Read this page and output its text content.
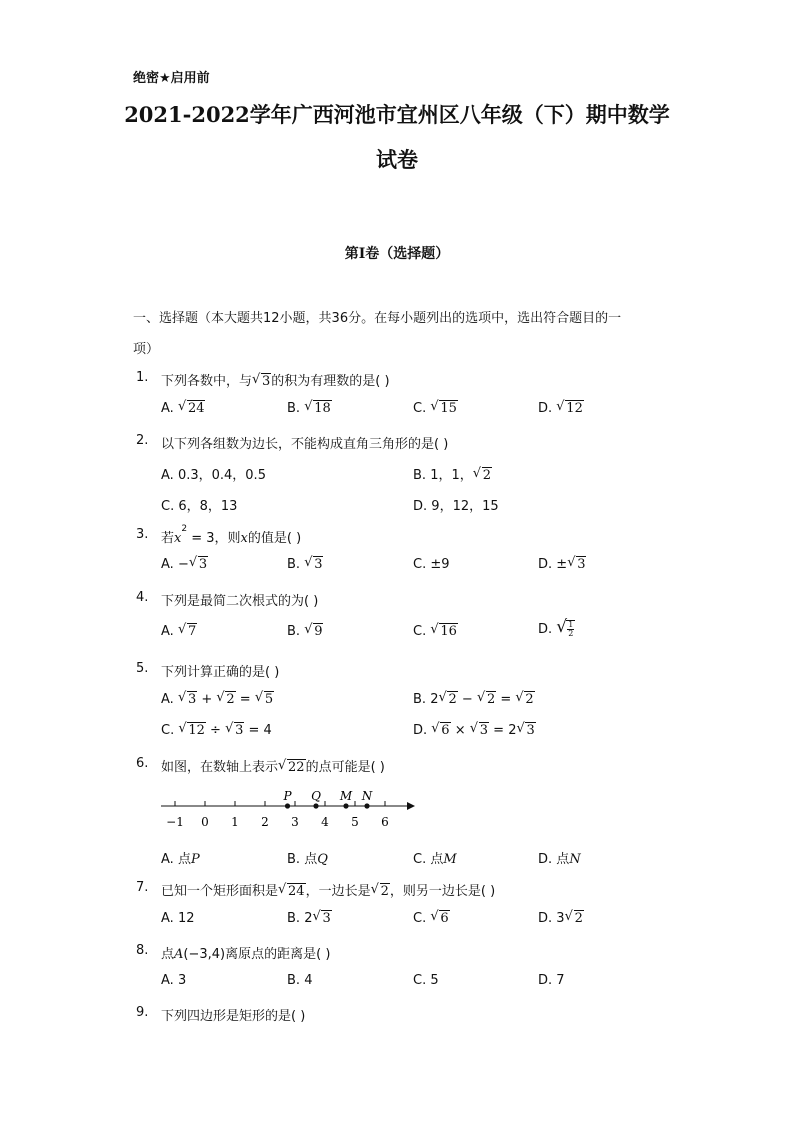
绝密★启用前
2021-2022学年广西河池市宜州区八年级（下）期中数学
试卷
第I卷（选择题）
一、选择题（本大题共12小题，共36分。在每小题列出的选项中，选出符合题目的一
项）
1. 下列各数中，与 √ 3的积为有理数的是( )
A. √ 24	B. √ 18	C. √ 15	D. √ 12
2. 以下列各组数为边长，不能构成直角三角形的是( )
A. 0.3，0.4，0.5	B. 1，1， √ 2
C. 6，8，13	D. 9，12，15
3. 若$x^2 = 3$，则x的值是( )
A. − √ 3	B. √ 3	C. ±9	D. ± √ 3
4. 下列是最简二次根式的为( )
A. √ 7	B. √ 9	C. √ 16	D. √ $\frac{1}{2}$
5. 下列计算正确的是( )
A. √ 3 + √ 2 = √ 5	B. 2 √ 2 − √ 2 = √ 2
C. √ 12 ÷ √ 3 = 4	D. √ 6 × √ 3 = 2 √ 3
6. 如图，在数轴上表示 √ 22的点可能是( )
−1 0 1 2 3 4 5 6
P Q M N
A. 点P	B. 点Q	C. 点M	D. 点N
7. 已知一个矩形面积是 √ 24，一边长是 √ 2，则另一边长是( )
A. 12	B. 2 √ 3	C. √ 6	D. 3 √ 2
8. 点A(−3,4)离原点的距离是( )
A. 3	B. 4	C. 5	D. 7
9. 下列四边形是矩形的是( )
